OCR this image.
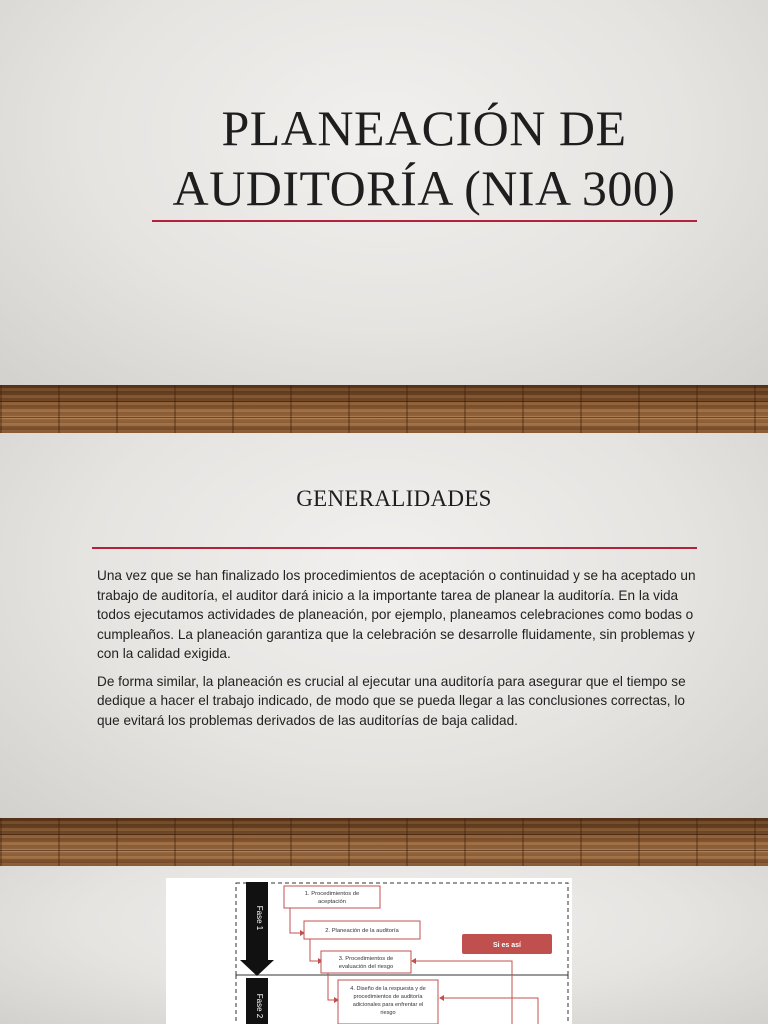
PLANEACIÓN DE
AUDITORÍA (NIA 300)
GENERALIDADES

Una vez que se han finalizado los procedimientos de aceptación o continuidad y se ha aceptado un trabajo de auditoría, el auditor dará inicio a la importante tarea de planear la auditoría. En la vida todos ejecutamos actividades de planeación, por ejemplo, planeamos celebraciones como bodas o cumpleaños. La planeación garantiza que la celebración se desarrolle fluidamente, sin problemas y con la calidad exigida.

De forma similar, la planeación es crucial al ejecutar una auditoría para asegurar que el tiempo se dedique a hacer el trabajo indicado, de modo que se pueda llegar a las conclusiones correctas, lo que evitará los problemas derivados de las auditorías de baja calidad.

Fase 1
Fase 2
1. Procedimientos de
aceptación
2. Planeación de la auditoría
3. Procedimientos de
evaluación del riesgo
Si es así
4. Diseño de la respuesta y de
procedimientos de auditoría
adicionales para enfrentar el
riesgo
